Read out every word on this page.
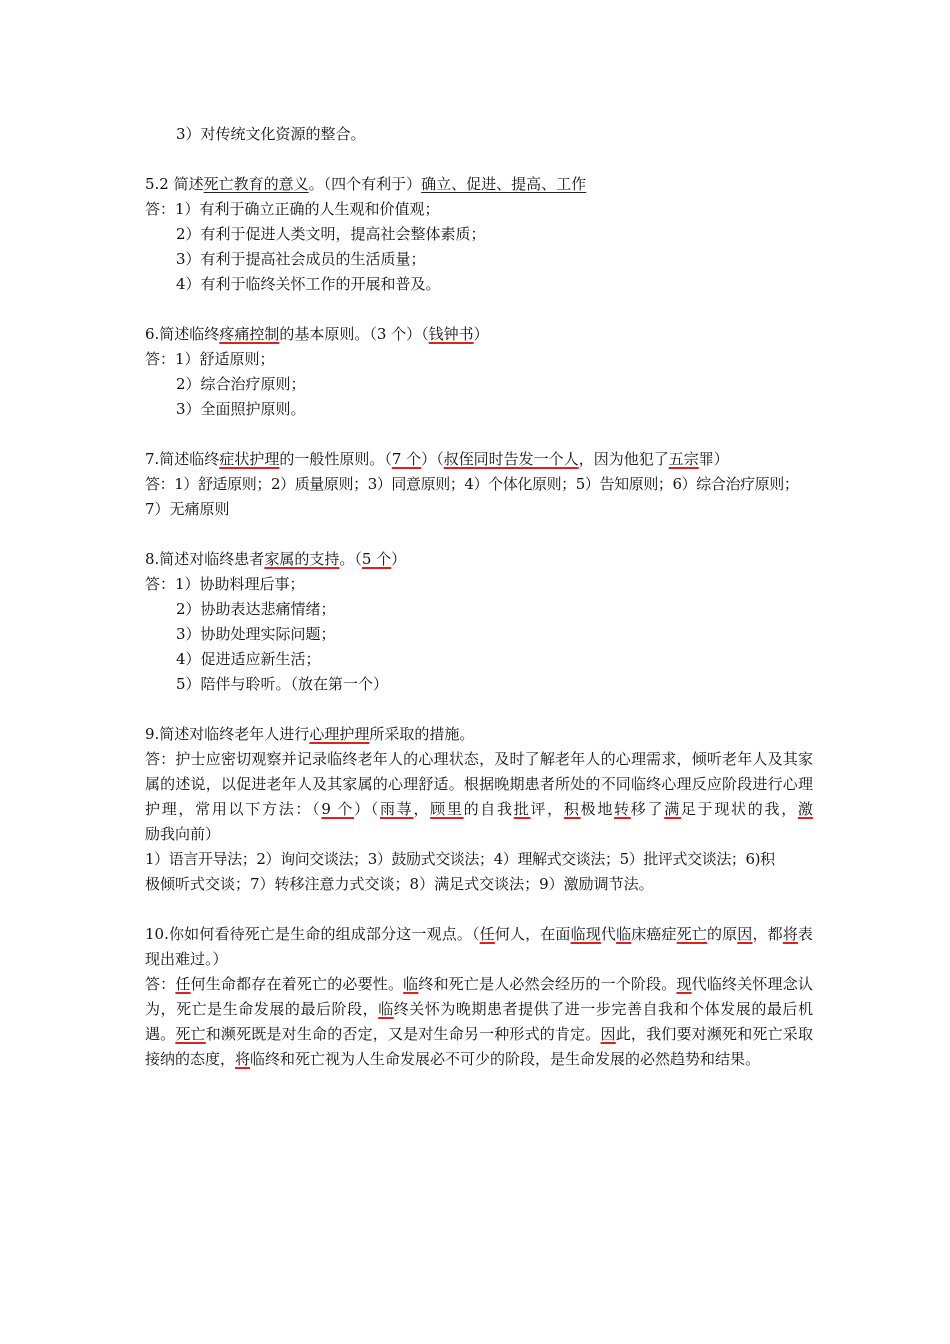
3）对传统文化资源的整合。
5.2 简述死亡教育的意义。（四个有利于）确立、促进、提高、工作
答：1）有利于确立正确的人生观和价值观；
2）有利于促进人类文明，提高社会整体素质；
3）有利于提高社会成员的生活质量；
4）有利于临终关怀工作的开展和普及。
6.简述临终疼痛控制的基本原则。（3 个）（钱钟书）
答：1）舒适原则；
2）综合治疗原则；
3）全面照护原则。
7.简述临终症状护理的一般性原则。（7 个）（叔侄同时告发一个人，因为他犯了五宗罪）
答：1）舒适原则；2）质量原则；3）同意原则；4）个体化原则；5）告知原则；6）综合治疗原则；
7）无痛原则
8.简述对临终患者家属的支持。（5 个）
答：1）协助料理后事；
2）协助表达悲痛情绪；
3）协助处理实际问题；
4）促进适应新生活；
5）陪伴与聆听。（放在第一个）
9.简述对临终老年人进行心理护理所采取的措施。
答：护士应密切观察并记录临终老年人的心理状态，及时了解老年人的心理需求，倾听老年人及其家属的述说，以促进老年人及其家属的心理舒适。根据晚期患者所处的不同临终心理反应阶段进行心理护理，常用以下方法：（9 个）（雨荨，顾里的自我批评，积极地转移了满足于现状的我，激励我向前）
1）语言开导法；2）询问交谈法；3）鼓励式交谈法；4）理解式交谈法；5）批评式交谈法；6)积
极倾听式交谈；7）转移注意力式交谈；8）满足式交谈法；9）激励调节法。
10.你如何看待死亡是生命的组成部分这一观点。（任何人，在面临现代临床癌症死亡的原因，都将表现出难过。）
答：任何生命都存在着死亡的必要性。临终和死亡是人必然会经历的一个阶段。现代临终关怀理念认为，死亡是生命发展的最后阶段，临终关怀为晚期患者提供了进一步完善自我和个体发展的最后机遇。死亡和濒死既是对生命的否定，又是对生命另一种形式的肯定。因此，我们要对濒死和死亡采取接纳的态度，将临终和死亡视为人生命发展必不可少的阶段，是生命发展的必然趋势和结果。
